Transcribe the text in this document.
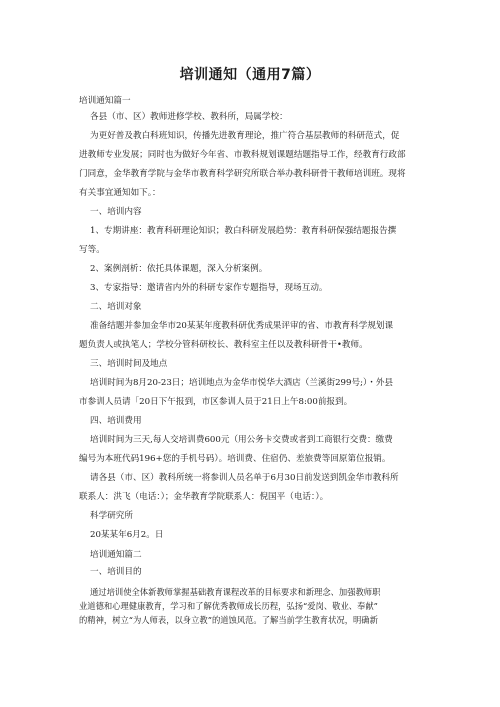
培训通知（通用7篇）
培训通知篇一
各县（市、区）教师进修学校、教科所，局属学校：
为更好普及教白科班知识，传播先进教育理论，推广符合基层教师的科研范式，促
进教师专业发展；同时也为做好今年省、市教科规划课题结题指导工作，经教育行政部
门同意，金华教育学院与金华市教育科学研究所联合举办教科研骨干教师培训班。现将
有关事宜通知如下。：
一、培训内容
1、专期讲座：教育科研理论知识；教白科研发展趋势：教育科研保强结题报告撰
写等。
2、案例剖析：依托具体课题，深入分析案例。
3、专家指导：邀请省内外的科研专家作专题指导，现场互动。
二、培训对象
准备结题并参加金华市20某某年度教科研优秀成果评审的省、市教育科学规划课
题负责人或执笔人；学校分管科研校长、教科室主任以及教科研骨干•教师。
三、培训时间及地点
培训时间为8月20-23日；培训地点为金华市悦华大酒店（兰溪街299号;）・外县
市参训人员请「20日下午报到，市区参训人员于21日上午8:00前报到。
四、培训费用
培训时间为三天,每人交培训费600元（用公务卡交费或者到工商银行交费：缴费
编号为本班代码196+您的手机号码）。培训费、住宿仍、差旅费等回原第位报销。
请各县（市、区）教科所统一将参训人员名单于6月30日前发送到凯金华市教科所
联系人：洪飞（电话：）；金华教育学院联系人：倪国平（电话：）。
科学研究所
20某某年6月2。日
培训通知篇二
一、培训目的
通过培训使全体新教师掌握基础教育课程改革的目标要求和新理念、加强教师职
业道德和心理健康教育，学习和了解优秀教师成长历程，弘扬“爱岗、敬业、奉献”
的精神，树立“为人师表，以身立教”的道蚀风范。了解当前学生教育状况，明确新
